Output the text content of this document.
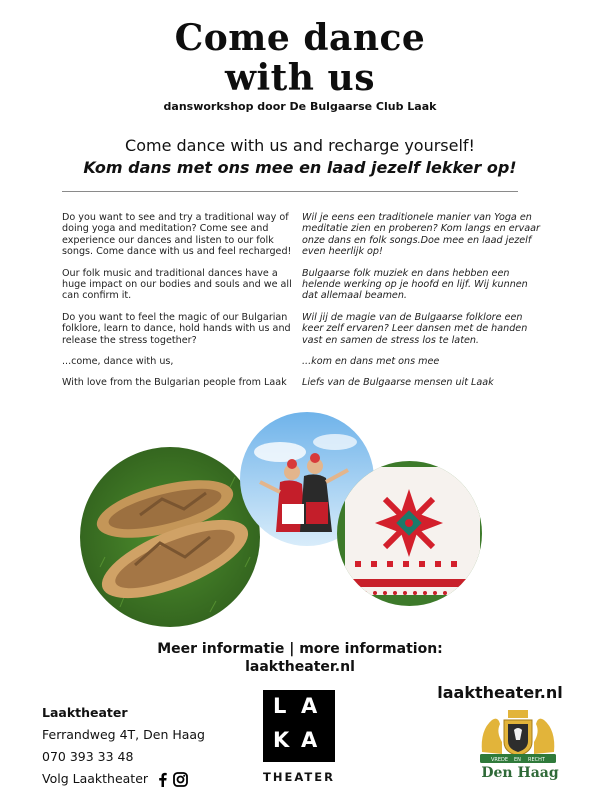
Come dance
with us
dansworkshop door De Bulgaarse Club Laak
Come dance with us and recharge yourself!
Kom dans met ons mee en laad jezelf lekker op!

Do you want to see and try a traditional way of doing yoga and meditation? Come see and experience our dances and listen to our folk songs. Come dance with us and feel recharged!

Our folk music and traditional dances have a huge impact on our bodies and souls and we all can confirm it.

Do you want to feel the magic of our Bulgarian folklore, learn to dance, hold hands with us and release the stress together?

...come, dance with us,

With love from the Bulgarian people from Laak

Wil je eens een traditionele manier van Yoga en meditatie zien en proberen? Kom langs en ervaar onze dans en folk songs.Doe mee en laad jezelf even heerlijk op!

Bulgaarse folk muziek en dans hebben een helende werking op je hoofd en lijf. Wij kunnen dat allemaal beamen.

Wil jij de magie van de Bulgaarse folklore een keer zelf ervaren? Leer dansen met de handen vast en samen de stress los te laten.

...kom en dans met ons mee

Liefs van de Bulgaarse mensen uit Laak

Meer informatie | more information:
laaktheater.nl
Laaktheater
Ferrandweg 4T, Den Haag
070 393 33 48
Volg Laaktheater
L A
K A
THEATER
laaktheater.nl
VREDE EN RECHT
Den Haag
